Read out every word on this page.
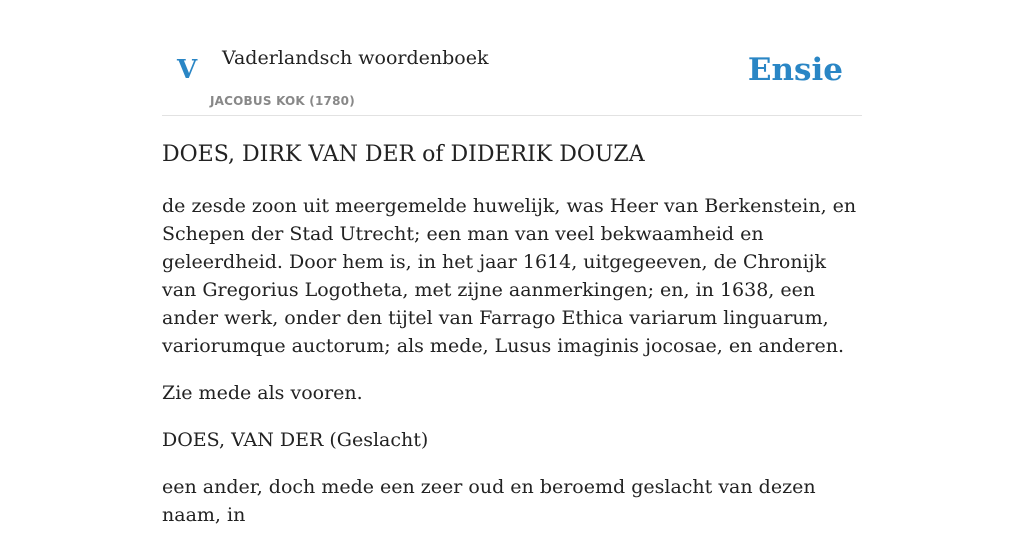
V Vaderlandsch woordenboek
JACOBUS KOK (1780)
Ensie
DOES, DIRK VAN DER of DIDERIK DOUZA

de zesde zoon uit meergemelde huwelijk, was Heer van Berkenstein, en Schepen der Stad Utrecht; een man van veel bekwaamheid en geleerdheid. Door hem is, in het jaar 1614, uitgegeeven, de Chronijk van Gregorius Logotheta, met zijne aanmerkingen; en, in 1638, een ander werk, onder den tijtel van Farrago Ethica variarum linguarum, variorumque auctorum; als mede, Lusus imaginis jocosae, en anderen.

Zie mede als vooren.

DOES, VAN DER (Geslacht)

een ander, doch mede een zeer oud en beroemd geslacht van dezen naam, in
